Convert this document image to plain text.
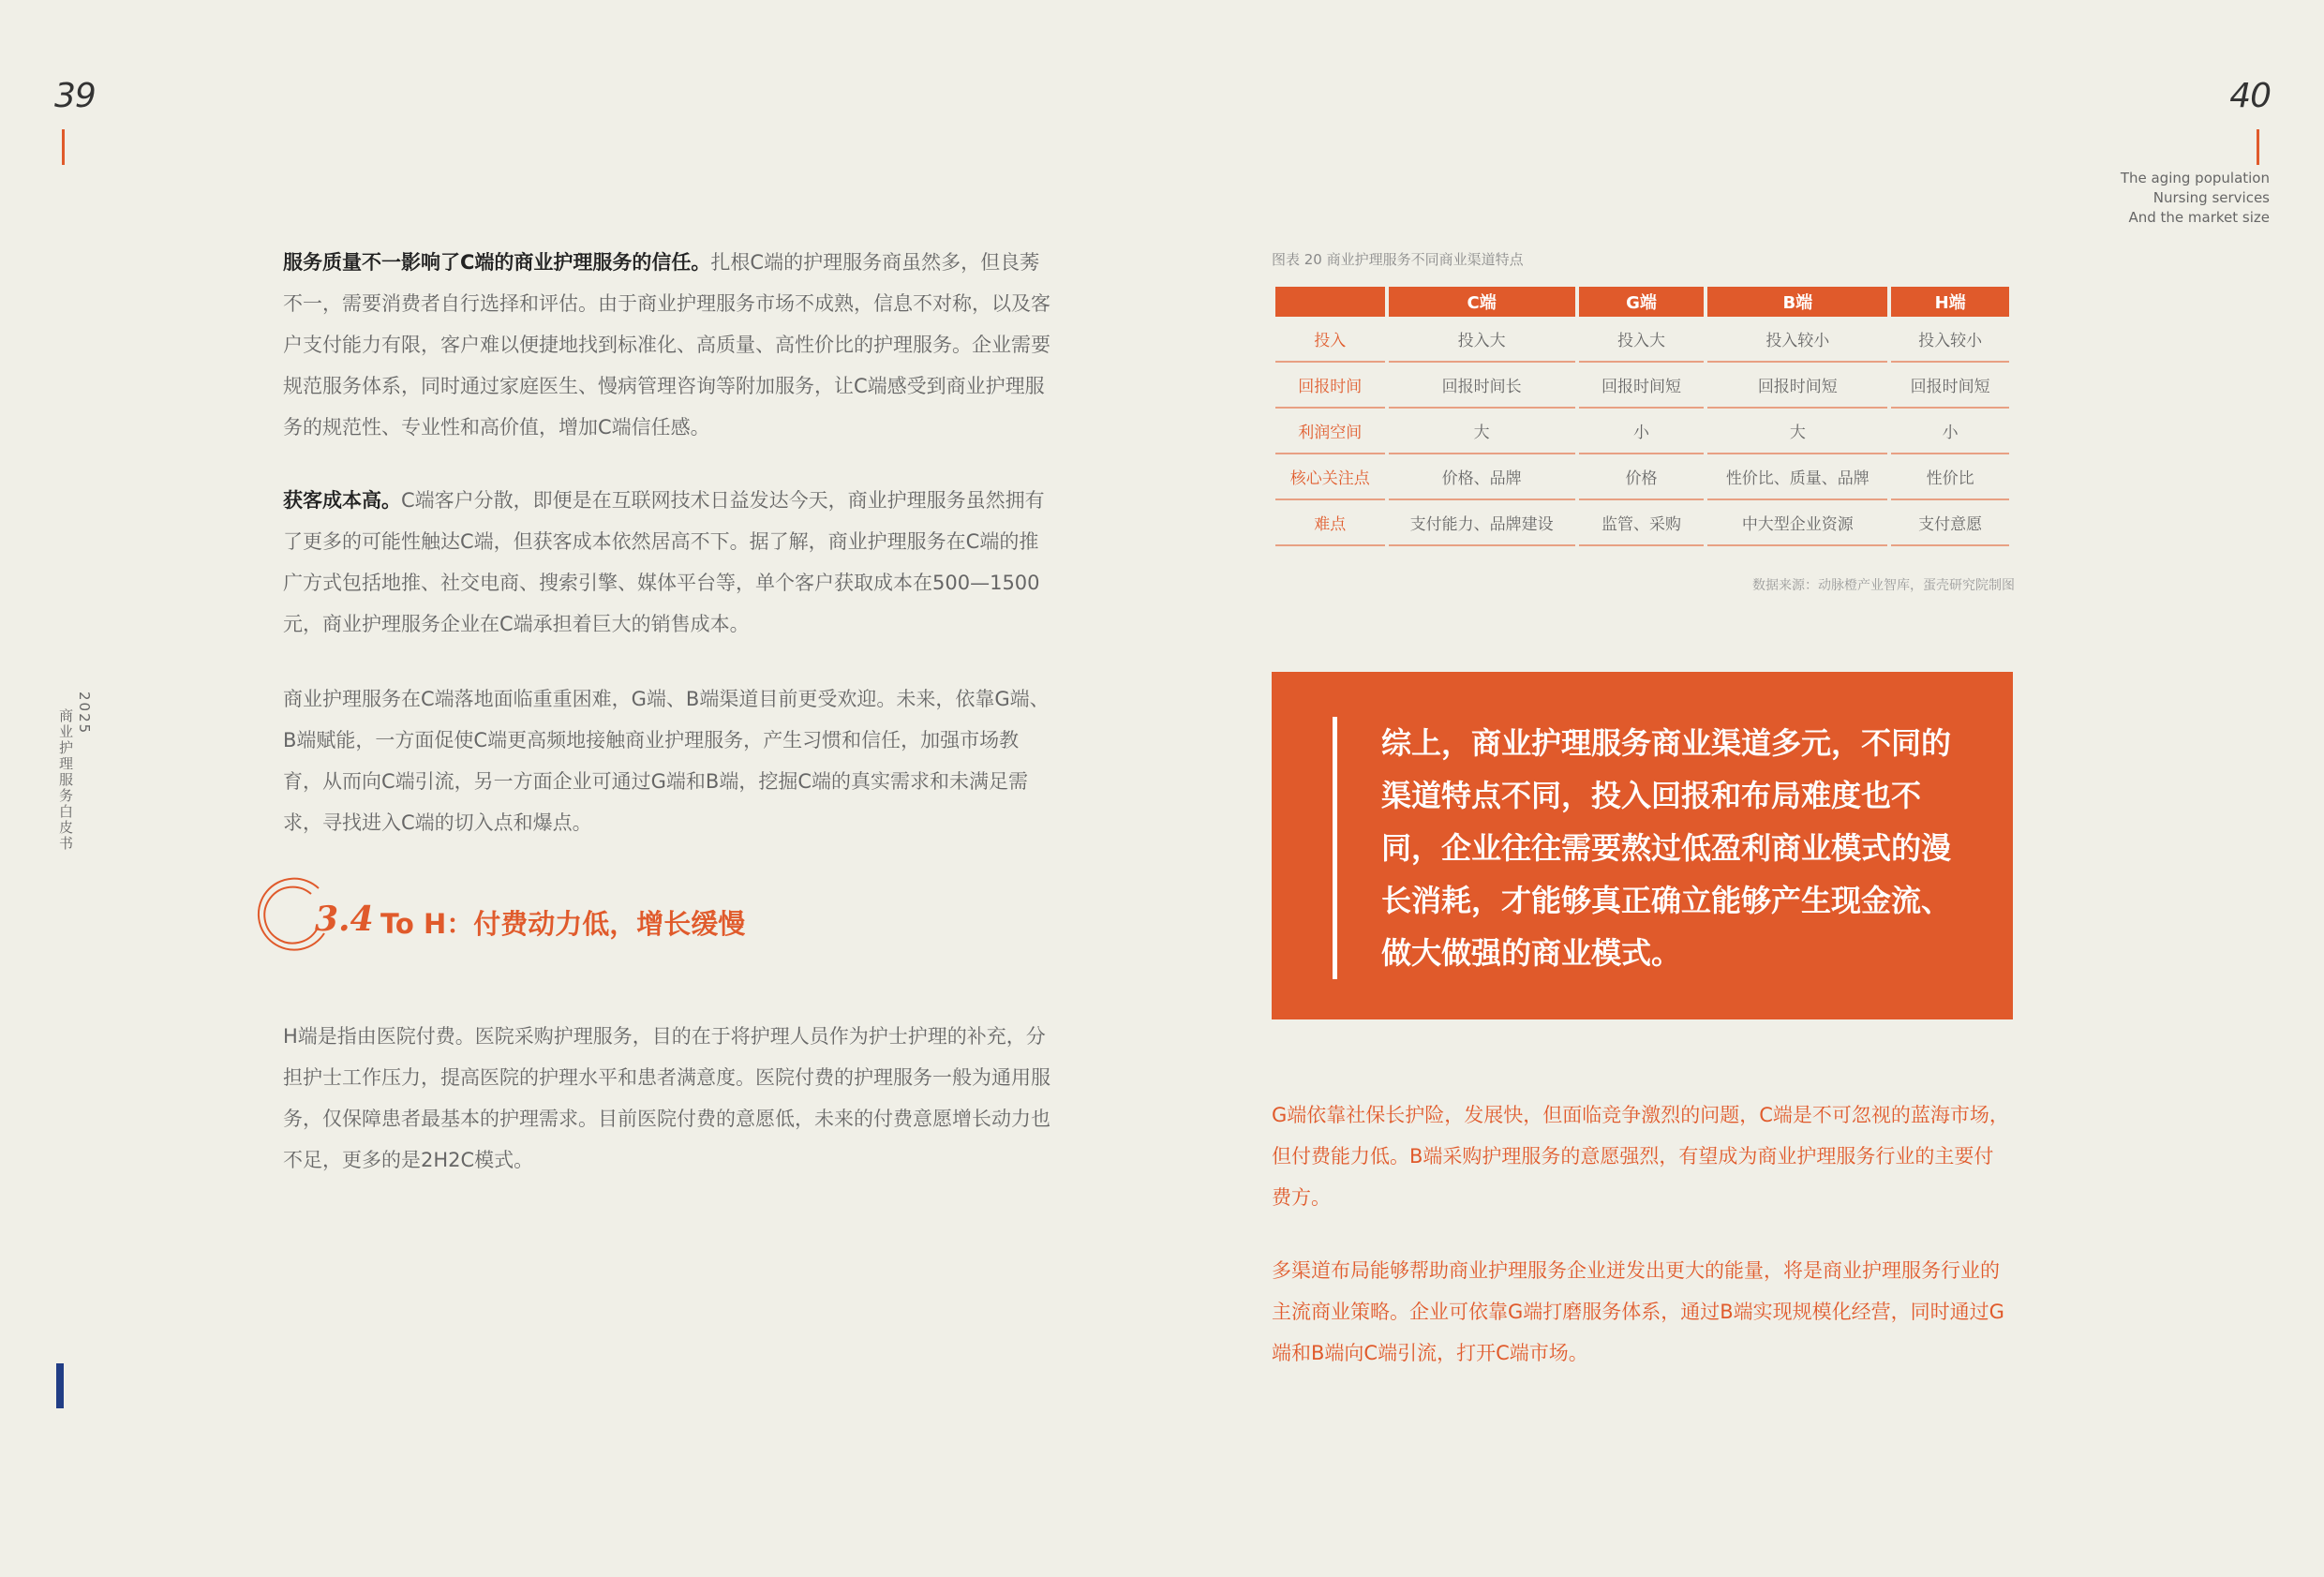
39
2025
商业护理服务白皮书
服务质量不一影响了C端的商业护理服务的信任。扎根C端的护理服务商虽然多，但良莠不一，需要消费者自行选择和评估。由于商业护理服务市场不成熟，信息不对称，以及客户支付能力有限，客户难以便捷地找到标准化、高质量、高性价比的护理服务。企业需要规范服务体系，同时通过家庭医生、慢病管理咨询等附加服务，让C端感受到商业护理服务的规范性、专业性和高价值，增加C端信任感。
获客成本高。C端客户分散，即便是在互联网技术日益发达今天，商业护理服务虽然拥有了更多的可能性触达C端，但获客成本依然居高不下。据了解，商业护理服务在C端的推广方式包括地推、社交电商、搜索引擎、媒体平台等，单个客户获取成本在500—1500元，商业护理服务企业在C端承担着巨大的销售成本。
商业护理服务在C端落地面临重重困难，G端、B端渠道目前更受欢迎。未来，依靠G端、B端赋能，一方面促使C端更高频地接触商业护理服务，产生习惯和信任，加强市场教育，从而向C端引流，另一方面企业可通过G端和B端，挖掘C端的真实需求和未满足需求，寻找进入C端的切入点和爆点。
3.4 To H：付费动力低，增长缓慢
H端是指由医院付费。医院采购护理服务，目的在于将护理人员作为护士护理的补充，分担护士工作压力，提高医院的护理水平和患者满意度。医院付费的护理服务一般为通用服务，仅保障患者最基本的护理需求。目前医院付费的意愿低，未来的付费意愿增长动力也不足，更多的是2H2C模式。
40
The aging population
Nursing services
And the market size
图表 20 商业护理服务不同商业渠道特点
	C端	G端	B端	H端
投入	投入大	投入大	投入较小	投入较小
回报时间	回报时间长	回报时间短	回报时间短	回报时间短
利润空间	大	小	大	小
核心关注点	价格、品牌	价格	性价比、质量、品牌	性价比
难点	支付能力、品牌建设	监管、采购	中大型企业资源	支付意愿
数据来源：动脉橙产业智库，蛋壳研究院制图
综上，商业护理服务商业渠道多元，不同的渠道特点不同，投入回报和布局难度也不同，企业往往需要熬过低盈利商业模式的漫长消耗，才能够真正确立能够产生现金流、做大做强的商业模式。
G端依靠社保长护险，发展快，但面临竞争激烈的问题，C端是不可忽视的蓝海市场，但付费能力低。B端采购护理服务的意愿强烈，有望成为商业护理服务行业的主要付费方。
多渠道布局能够帮助商业护理服务企业迸发出更大的能量，将是商业护理服务行业的主流商业策略。企业可依靠G端打磨服务体系，通过B端实现规模化经营，同时通过G端和B端向C端引流，打开C端市场。
